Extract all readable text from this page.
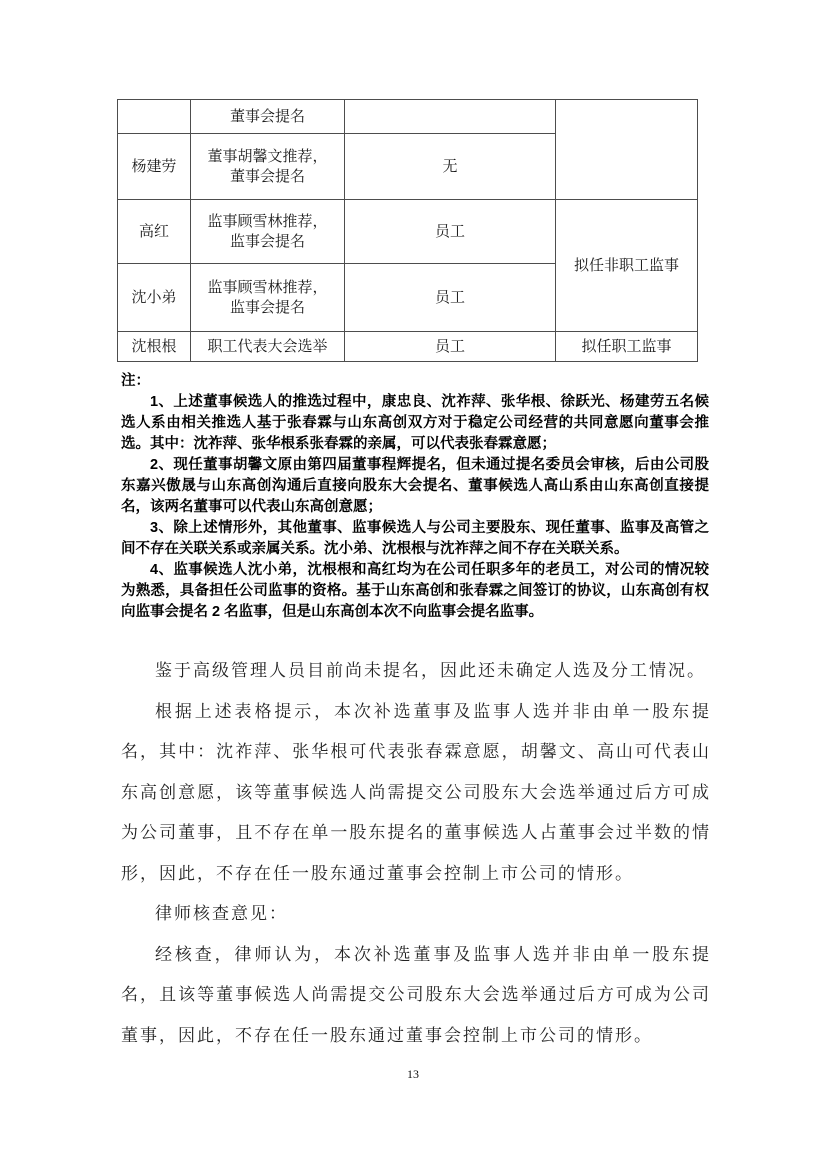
	董事会提名		
杨建劳	董事胡馨文推荐，
董事会提名	无	
高红	监事顾雪林推荐，
监事会提名	员工	拟任非职工监事
沈小弟	监事顾雪林推荐，
监事会提名	员工	
沈根根	职工代表大会选举	员工	拟任职工监事

注：

1、上述董事候选人的推选过程中，康忠良、沈祚萍、张华根、徐跃光、杨建劳五名候选人系由相关推选人基于张春霖与山东高创双方对于稳定公司经营的共同意愿向董事会推选。其中：沈祚萍、张华根系张春霖的亲属，可以代表张春霖意愿；

2、现任董事胡馨文原由第四届董事程辉提名，但未通过提名委员会审核，后由公司股东嘉兴傲晟与山东高创沟通后直接向股东大会提名、董事候选人高山系由山东高创直接提名，该两名董事可以代表山东高创意愿；

3、除上述情形外，其他董事、监事候选人与公司主要股东、现任董事、监事及高管之间不存在关联关系或亲属关系。沈小弟、沈根根与沈祚萍之间不存在关联关系。

4、监事候选人沈小弟，沈根根和高红均为在公司任职多年的老员工，对公司的情况较为熟悉，具备担任公司监事的资格。基于山东高创和张春霖之间签订的协议，山东高创有权向监事会提名 2 名监事，但是山东高创本次不向监事会提名监事。

鉴于高级管理人员目前尚未提名，因此还未确定人选及分工情况。

根据上述表格提示，本次补选董事及监事人选并非由单一股东提名，其中：沈祚萍、张华根可代表张春霖意愿，胡馨文、高山可代表山东高创意愿，该等董事候选人尚需提交公司股东大会选举通过后方可成为公司董事，且不存在单一股东提名的董事候选人占董事会过半数的情形，因此，不存在任一股东通过董事会控制上市公司的情形。

律师核查意见：

经核查，律师认为，本次补选董事及监事人选并非由单一股东提名，且该等董事候选人尚需提交公司股东大会选举通过后方可成为公司董事，因此，不存在任一股东通过董事会控制上市公司的情形。

13
